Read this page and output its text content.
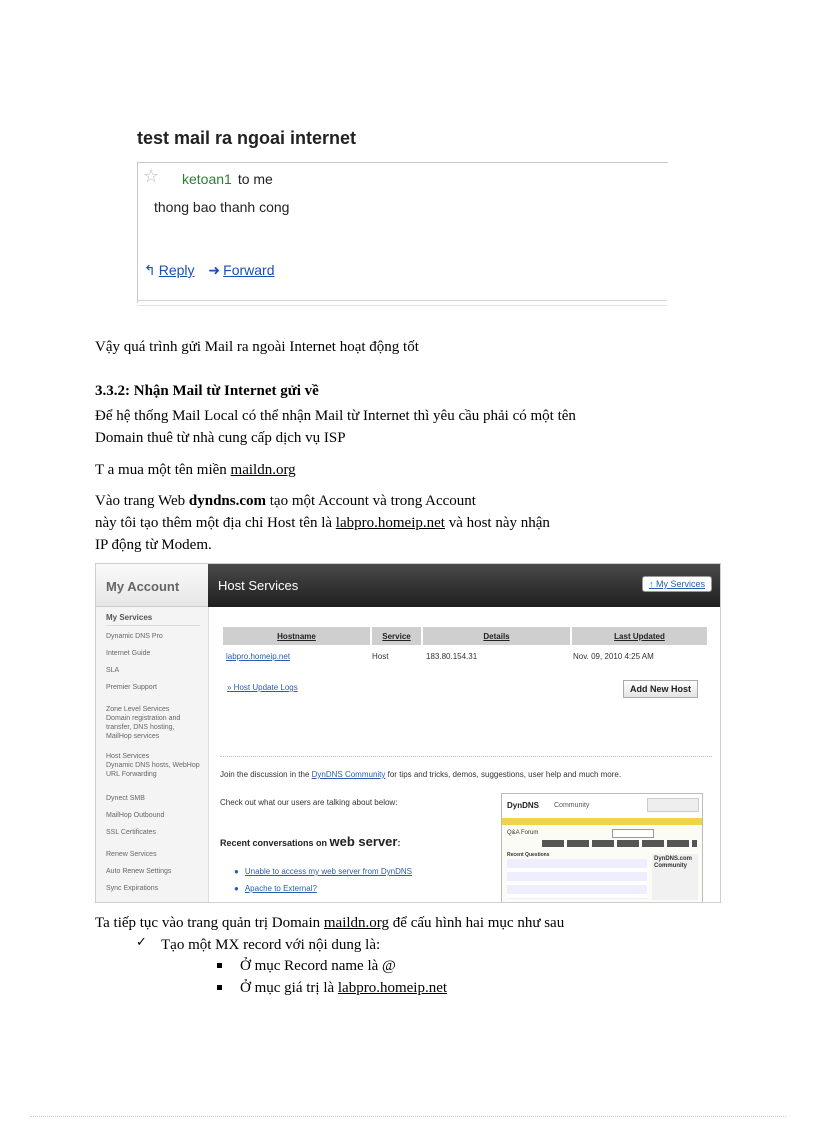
test mail ra ngoai internet
☆ ketoan1 to me
thong bao thanh cong
↰ Reply ➜ Forward
Vậy quá trình gửi Mail ra ngoài Internet hoạt động tốt
3.3.2: Nhận Mail từ Internet gửi về
Để hệ thống Mail Local có thể nhận Mail từ Internet thì yêu cầu phải có một tên
Domain thuê từ nhà cung cấp dịch vụ ISP
T a mua một tên miền maildn.org
Vào trang Web dyndns.com tạo một Account và trong Account
này tôi tạo thêm một địa chỉ Host tên là labpro.homeip.net và host này nhận
IP động từ Modem.
My Account
My Services
Dynamic DNS Pro
Internet Guide
SLA
Premier Support
Zone Level Services
Domain registration and transfer, DNS hosting, MailHop services
Host Services
Dynamic DNS hosts, WebHop URL Forwarding
Dynect SMB
MailHop Outbound
SSL Certificates
Renew Services
Auto Renew Settings
Sync Expirations
Host Services	↑ My Services
Hostname	Service	Details	Last Updated
labpro.homeip.net	Host	183.80.154.31	Nov. 09, 2010 4:25 AM
» Host Update Logs	Add New Host
Join the discussion in the DynDNS Community for tips and tricks, demos, suggestions, user help and much more.
Check out what our users are talking about below:
Recent conversations on web server:
● Unable to access my web server from DynDNS
● Apache to External?
DynDNS Community
Q&A Forum
Recent Questions
DynDNS.com Community
Ta tiếp tục vào trang quản trị Domain maildn.org để cấu hình hai mục như sau
✓ Tạo một MX record với nội dung là:
Ở mục Record name là @
Ở mục giá trị là labpro.homeip.net
